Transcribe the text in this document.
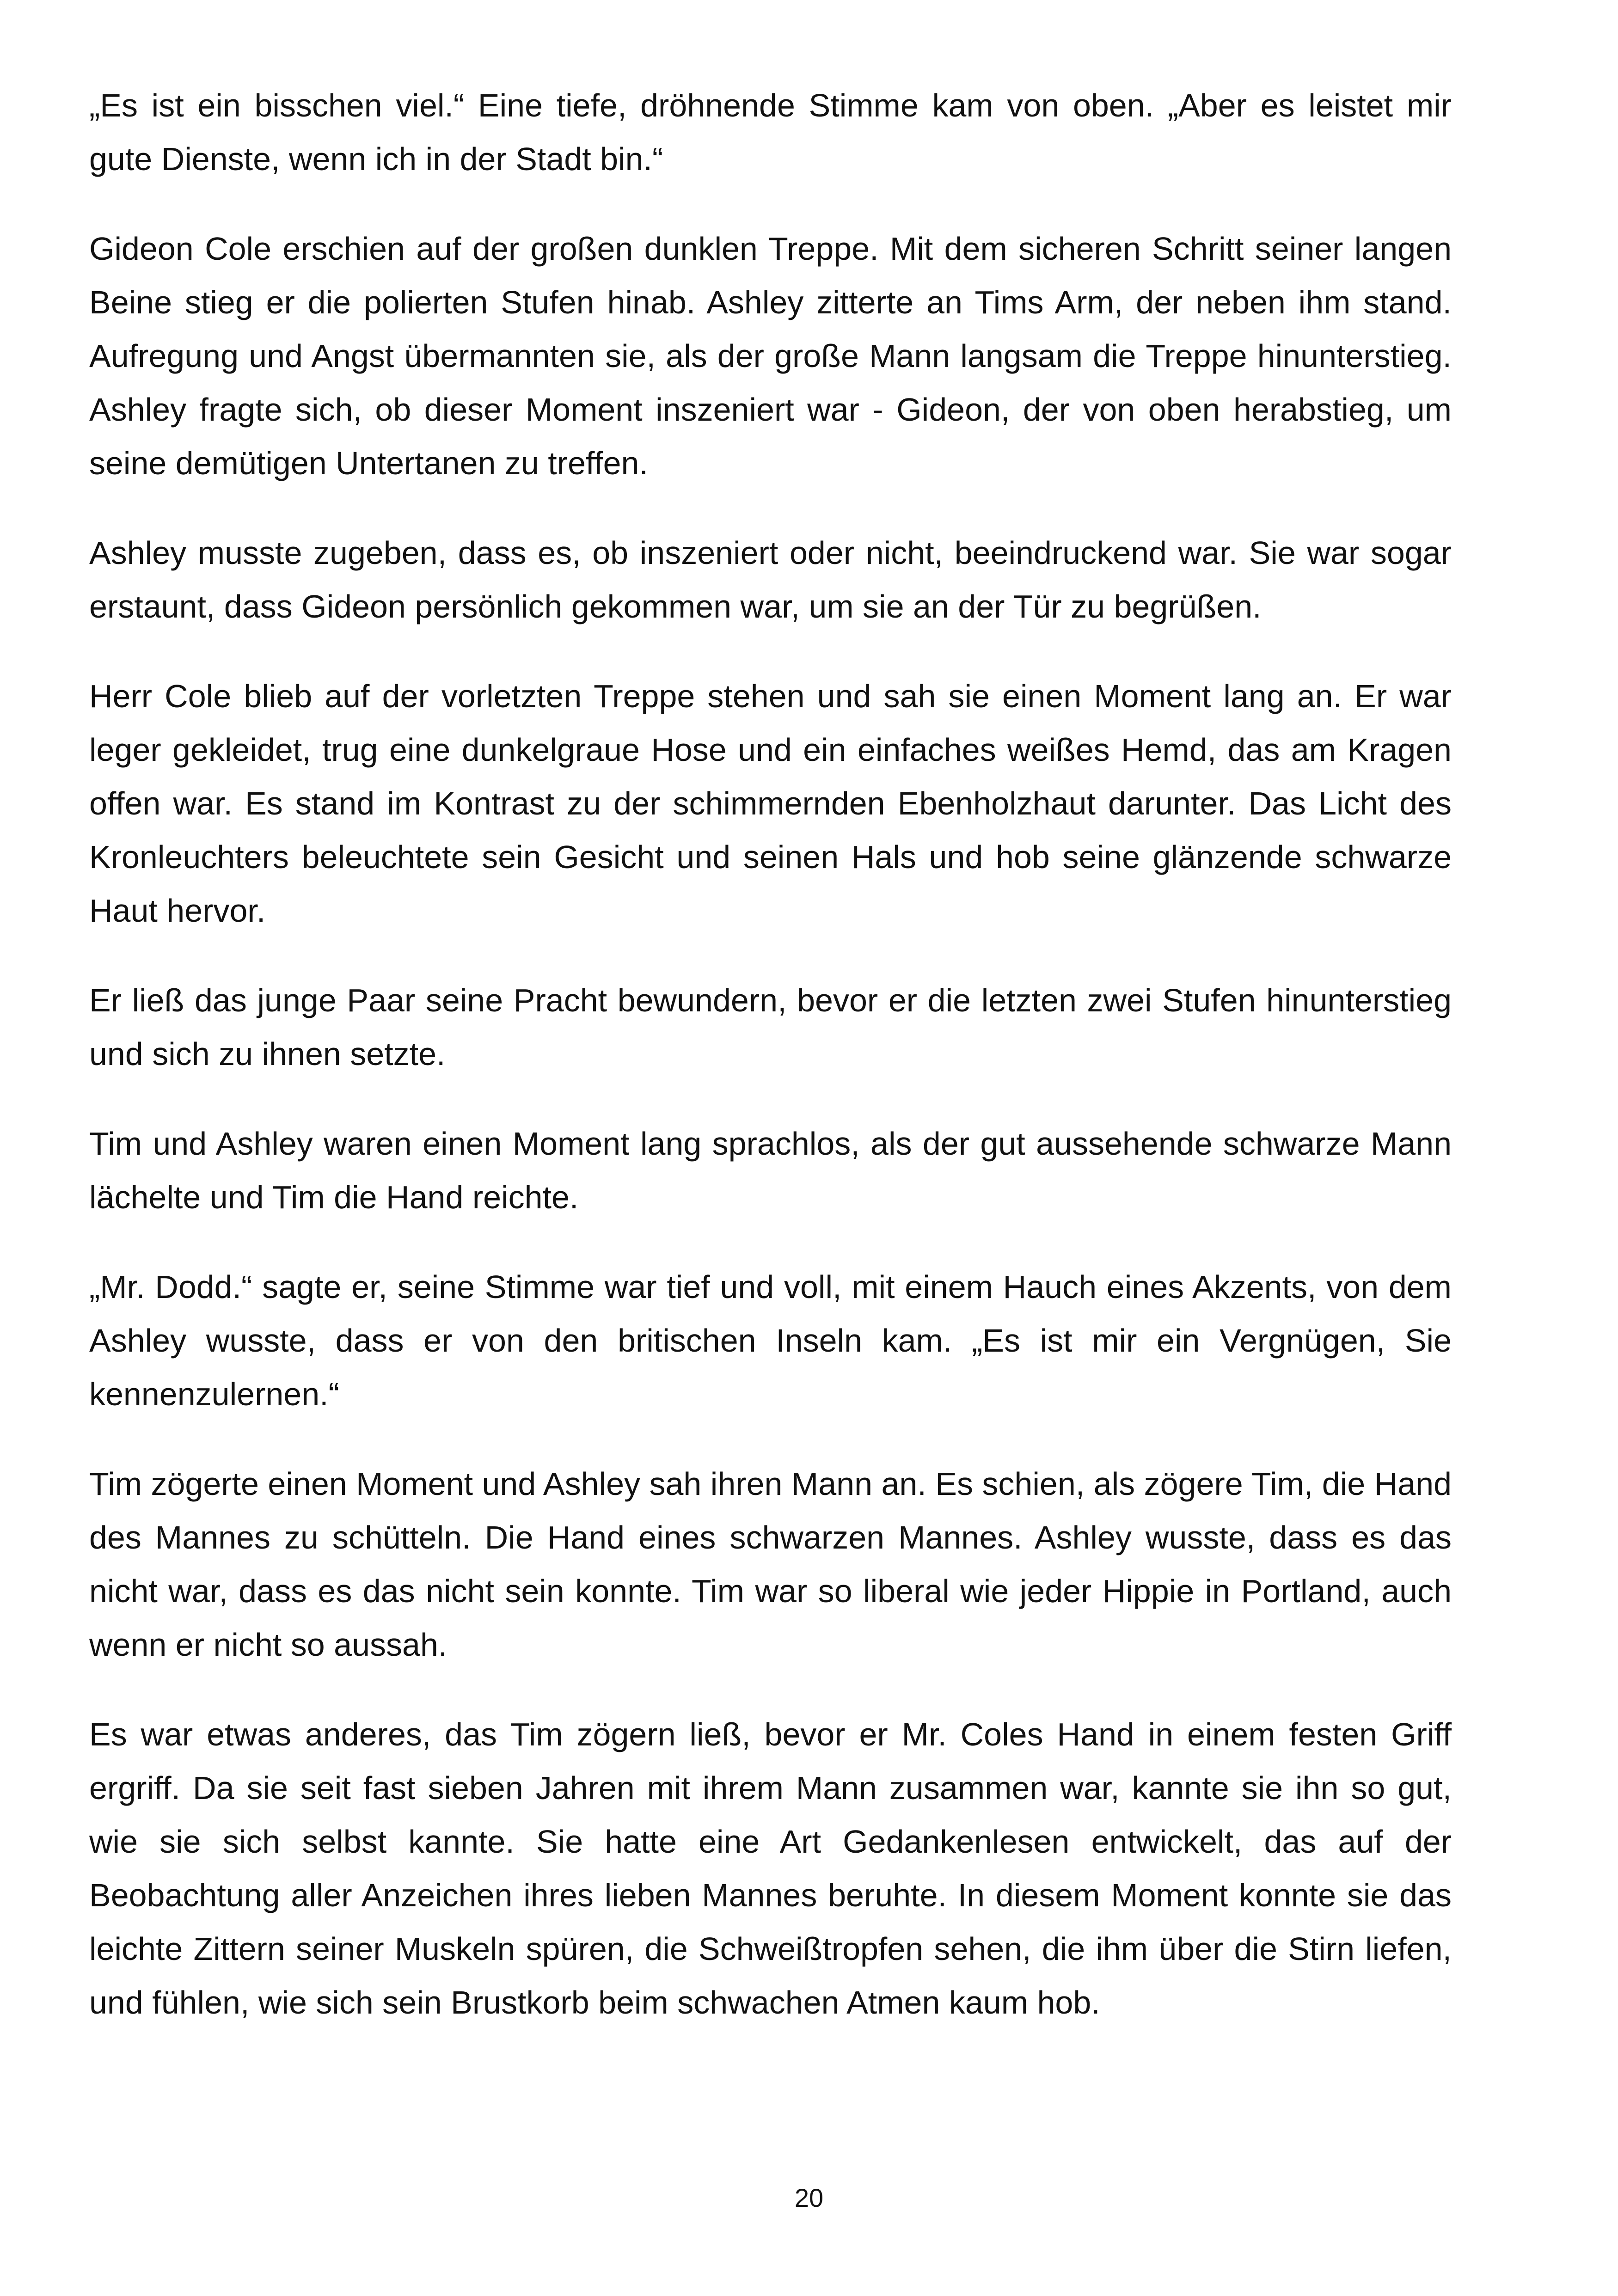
„Es ist ein bisschen viel.“ Eine tiefe, dröhnende Stimme kam von oben. „Aber es leistet mir gute Dienste, wenn ich in der Stadt bin.“

Gideon Cole erschien auf der großen dunklen Treppe. Mit dem sicheren Schritt seiner langen Beine stieg er die polierten Stufen hinab. Ashley zitterte an Tims Arm, der neben ihm stand. Aufregung und Angst übermannten sie, als der große Mann langsam die Treppe hinunterstieg. Ashley fragte sich, ob dieser Moment inszeniert war - Gideon, der von oben herabstieg, um seine demütigen Untertanen zu treffen.

Ashley musste zugeben, dass es, ob inszeniert oder nicht, beeindruckend war. Sie war sogar erstaunt, dass Gideon persönlich gekommen war, um sie an der Tür zu begrüßen.

Herr Cole blieb auf der vorletzten Treppe stehen und sah sie einen Moment lang an. Er war leger gekleidet, trug eine dunkelgraue Hose und ein einfaches weißes Hemd, das am Kragen offen war. Es stand im Kontrast zu der schimmernden Ebenholzhaut darunter. Das Licht des Kronleuchters beleuchtete sein Gesicht und seinen Hals und hob seine glänzende schwarze Haut hervor.

Er ließ das junge Paar seine Pracht bewundern, bevor er die letzten zwei Stufen hinunterstieg und sich zu ihnen setzte.

Tim und Ashley waren einen Moment lang sprachlos, als der gut aussehende schwarze Mann lächelte und Tim die Hand reichte.

„Mr. Dodd.“ sagte er, seine Stimme war tief und voll, mit einem Hauch eines Akzents, von dem Ashley wusste, dass er von den britischen Inseln kam. „Es ist mir ein Vergnügen, Sie kennenzulernen.“

Tim zögerte einen Moment und Ashley sah ihren Mann an. Es schien, als zögere Tim, die Hand des Mannes zu schütteln. Die Hand eines schwarzen Mannes. Ashley wusste, dass es das nicht war, dass es das nicht sein konnte. Tim war so liberal wie jeder Hippie in Portland, auch wenn er nicht so aussah.

Es war etwas anderes, das Tim zögern ließ, bevor er Mr. Coles Hand in einem festen Griff ergriff. Da sie seit fast sieben Jahren mit ihrem Mann zusammen war, kannte sie ihn so gut, wie sie sich selbst kannte. Sie hatte eine Art Gedankenlesen entwickelt, das auf der Beobachtung aller Anzeichen ihres lieben Mannes beruhte. In diesem Moment konnte sie das leichte Zittern seiner Muskeln spüren, die Schweißtropfen sehen, die ihm über die Stirn liefen, und fühlen, wie sich sein Brustkorb beim schwachen Atmen kaum hob.

20
